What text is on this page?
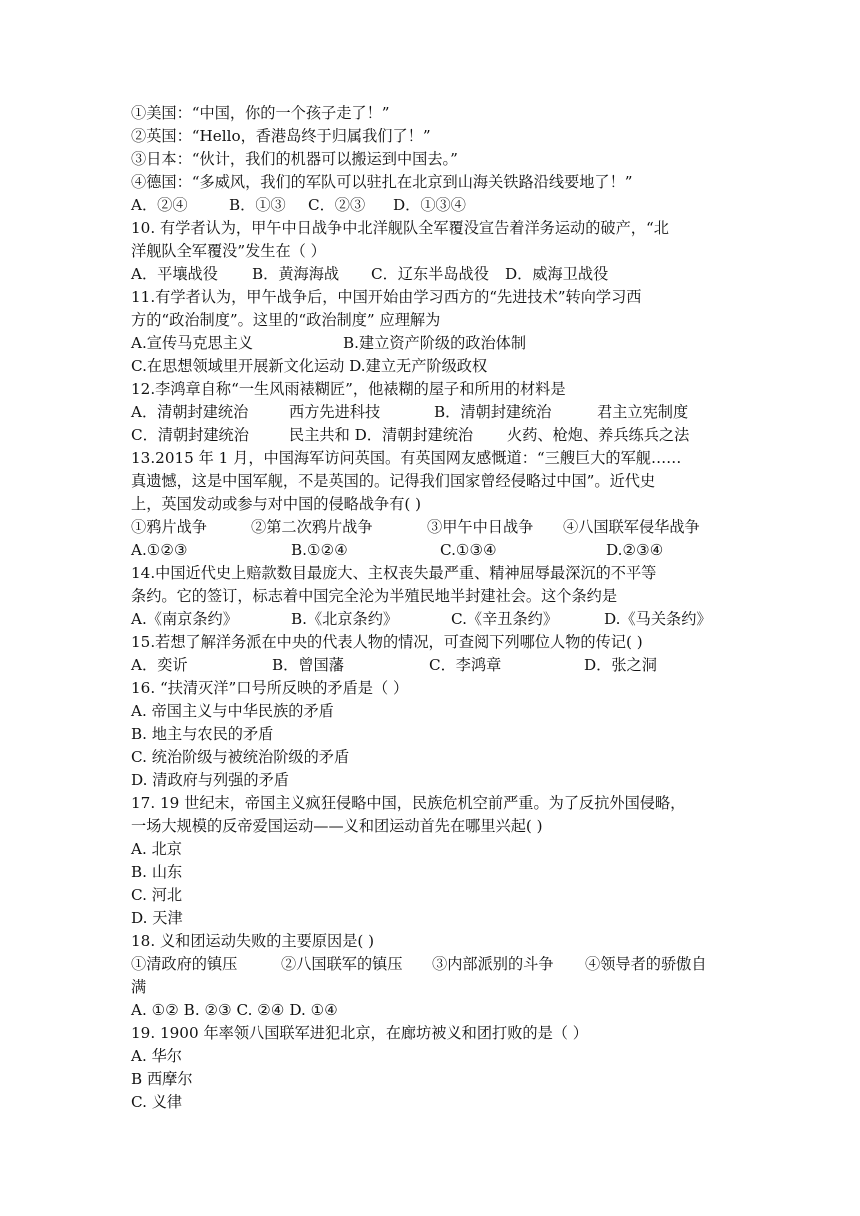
①美国：“中国，你的一个孩子走了！”
②英国：“Hello，香港岛终于归属我们了！”
③日本：“伙计，我们的机器可以搬运到中国去。”
④德国：“多威风，我们的军队可以驻扎在北京到山海关铁路沿线要地了！”
A．②④	B．①③ C．②③ D．①③④
10. 有学者认为，甲午中日战争中北洋舰队全军覆没宣告着洋务运动的破产，“北
洋舰队全军覆没”发生在（ ）
A．平壤战役 B．黄海海战 C．辽东半岛战役 D．威海卫战役
11.有学者认为，甲午战争后，中国开始由学习西方的“先进技术”转向学习西
方的“政治制度”。这里的“政治制度” 应理解为
A.宣传马克思主义	B.建立资产阶级的政治体制
C.在思想领域里开展新文化运动 D.建立无产阶级政权
12.李鸿章自称“一生风雨裱糊匠”，他裱糊的屋子和所用的材料是
A．清朝封建统治	西方先进科技	B．清朝封建统治	君主立宪制度
C．清朝封建统治	民主共和 D．清朝封建统治 火药、枪炮、养兵练兵之法
13.2015 年 1 月，中国海军访问英国。有英国网友感慨道：“三艘巨大的军舰……
真遗憾，这是中国军舰，不是英国的。记得我们国家曾经侵略过中国”。近代史
上，英国发动或参与对中国的侵略战争有( )
①鸦片战争	②第二次鸦片战争	③甲午中日战争 ④八国联军侵华战争
A.①②③	B.①②④	C.①③④	D.②③④
14.中国近代史上赔款数目最庞大、主权丧失最严重、精神屈辱最深沉的不平等
条约。它的签订，标志着中国完全沦为半殖民地半封建社会。这个条约是
A.《南京条约》	B.《北京条约》	C.《辛丑条约》	D.《马关条约》
15.若想了解洋务派在中央的代表人物的情况，可查阅下列哪位人物的传记( )
A．奕䜣	B．曾国藩	C．李鸿章	D．张之洞
16. “扶清灭洋”口号所反映的矛盾是（ ）
A. 帝国主义与中华民族的矛盾
B. 地主与农民的矛盾
C. 统治阶级与被统治阶级的矛盾
D. 清政府与列强的矛盾
17. 19 世纪末，帝国主义疯狂侵略中国，民族危机空前严重。为了反抗外国侵略，
一场大规模的反帝爱国运动——义和团运动首先在哪里兴起( )
A. 北京
B. 山东
C. 河北
D. 天津
18. 义和团运动失败的主要原因是( )
①清政府的镇压	②八国联军的镇压 ③内部派别的斗争 ④领导者的骄傲自
满
A. ①② B. ②③ C. ②④ D. ①④
19. 1900 年率领八国联军进犯北京，在廊坊被义和团打败的是（ ）
A. 华尔
B 西摩尔
C. 义律
